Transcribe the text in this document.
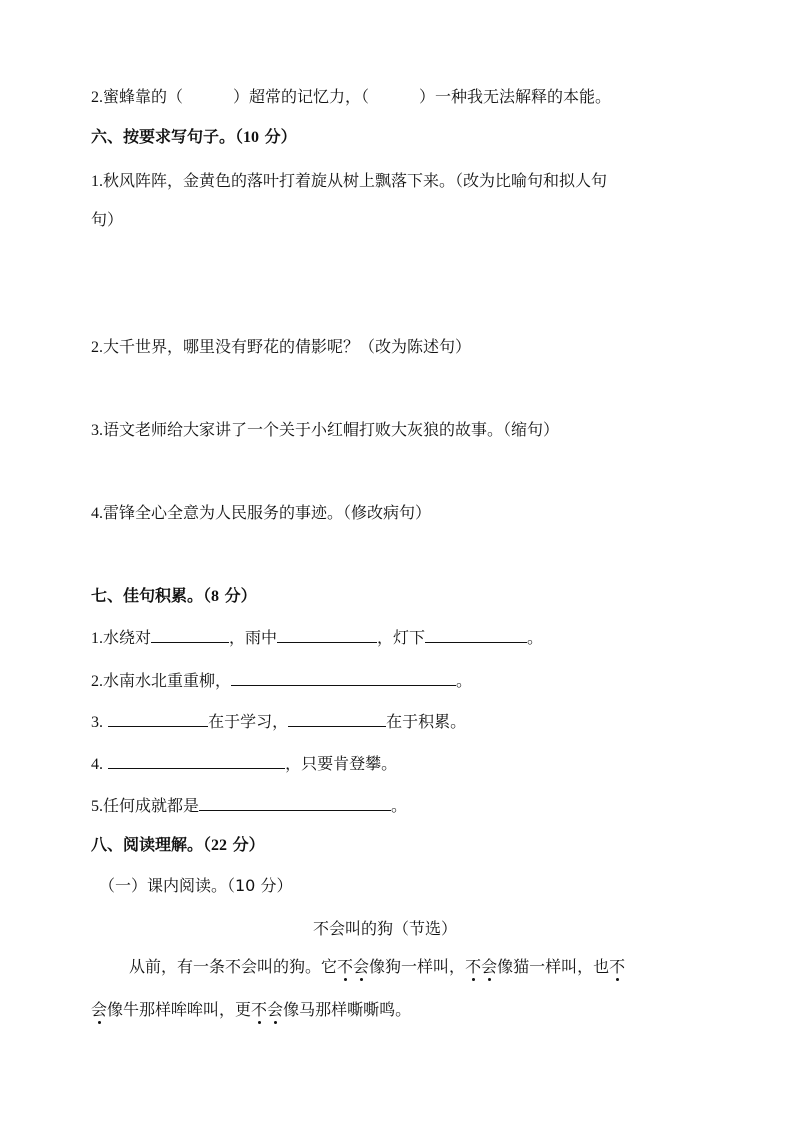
2.蜜蜂靠的（	）超常的记忆力，（	）一种我无法解释的本能。
六、按要求写句子。（10 分）
1.秋风阵阵，金黄色的落叶打着旋从树上飘落下来。（改为比喻句和拟人句
句）
2.大千世界，哪里没有野花的倩影呢？（改为陈述句）
3.语文老师给大家讲了一个关于小红帽打败大灰狼的故事。（缩句）
4.雷锋全心全意为人民服务的事迹。（修改病句）
七、佳句积累。（8 分）
1.水绕对	，雨中	，灯下	。
2.水南水北重重柳，	。
3.	在于学习，	在于积累。
4.	，只要肯登攀。
5.任何成就都是	。
八、阅读理解。（22 分）
（一）课内阅读。（10 分）
不会叫的狗（节选）
从前，有一条不会叫的狗。它不会像狗一样叫，不会像猫一样叫，也不
会像牛那样哞哞叫，更不会像马那样嘶嘶鸣。
